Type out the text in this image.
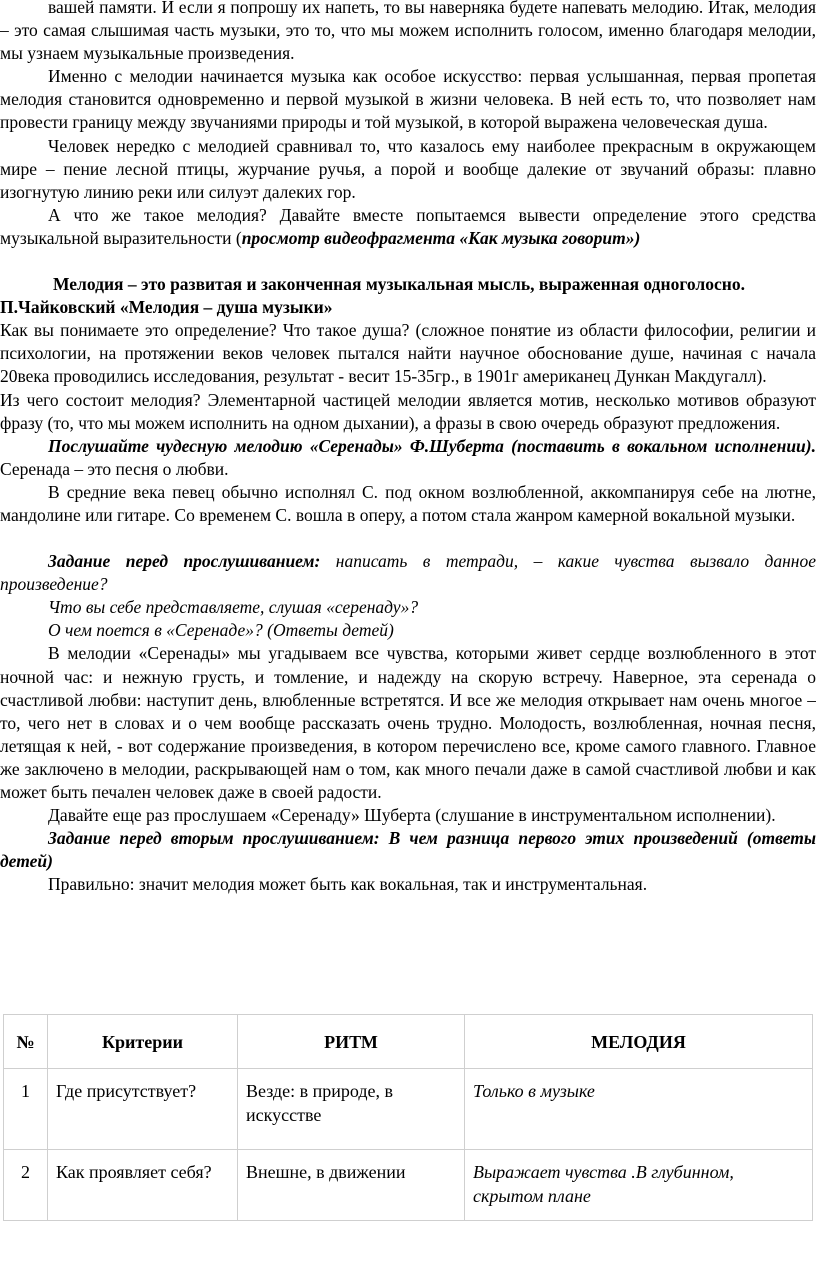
вашей памяти. И если я попрошу их напеть, то вы наверняка будете напевать мелодию. Итак, мелодия – это самая слышимая часть музыки, это то, что мы можем исполнить голосом, именно благодаря мелодии, мы узнаем музыкальные произведения.

Именно с мелодии начинается музыка как особое искусство: первая услышанная, первая пропетая мелодия становится одновременно и первой музыкой в жизни человека. В ней есть то, что позволяет нам провести границу между звучаниями природы и той музыкой, в которой выражена человеческая душа.

Человек нередко с мелодией сравнивал то, что казалось ему наиболее прекрасным в окружающем мире – пение лесной птицы, журчание ручья, а порой и вообще далекие от звучаний образы: плавно изогнутую линию реки или силуэт далеких гор.

А что же такое мелодия? Давайте вместе попытаемся вывести определение этого средства музыкальной выразительности (просмотр видеофрагмента «Как музыка говорит»)

Мелодия – это развитая и законченная музыкальная мысль, выраженная одноголосно.

П.Чайковский «Мелодия – душа музыки»

Как вы понимаете это определение? Что такое душа? (сложное понятие из области философии, религии и психологии, на протяжении веков человек пытался найти научное обоснование душе, начиная с начала 20века проводились исследования, результат - весит 15-35гр., в 1901г американец Дункан Макдугалл).

Из чего состоит мелодия? Элементарной частицей мелодии является мотив, несколько мотивов образуют фразу (то, что мы можем исполнить на одном дыхании), а фразы в свою очередь образуют предложения.

Послушайте чудесную мелодию «Серенады» Ф.Шуберта (поставить в вокальном исполнении). Серенада – это песня о любви.

В средние века певец обычно исполнял С. под окном возлюбленной, аккомпанируя себе на лютне, мандолине или гитаре. Со временем С. вошла в оперу, а потом стала жанром камерной вокальной музыки.

Задание перед прослушиванием: написать в тетради, – какие чувства вызвало данное произведение?

Что вы себе представляете, слушая «серенаду»?

О чем поется в «Серенаде»? (Ответы детей)

В мелодии «Серенады» мы угадываем все чувства, которыми живет сердце возлюбленного в этот ночной час: и нежную грусть, и томление, и надежду на скорую встречу. Наверное, эта серенада о счастливой любви: наступит день, влюбленные встретятся. И все же мелодия открывает нам очень многое – то, чего нет в словах и о чем вообще рассказать очень трудно. Молодость, возлюбленная, ночная песня, летящая к ней, - вот содержание произведения, в котором перечислено все, кроме самого главного. Главное же заключено в мелодии, раскрывающей нам о том, как много печали даже в самой счастливой любви и как может быть печален человек даже в своей радости.

Давайте еще раз прослушаем «Серенаду» Шуберта (слушание в инструментальном исполнении).

Задание перед вторым прослушиванием: В чем разница первого этих произведений (ответы детей)

Правильно: значит мелодия может быть как вокальная, так и инструментальная.

№	Критерии	РИТМ	МЕЛОДИЯ
1	Где присутствует?	Везде: в природе, в искусстве	Только в музыке
2	Как проявляет себя?	Внешне, в движении	Выражает чувства .В глубинном, скрытом плане
